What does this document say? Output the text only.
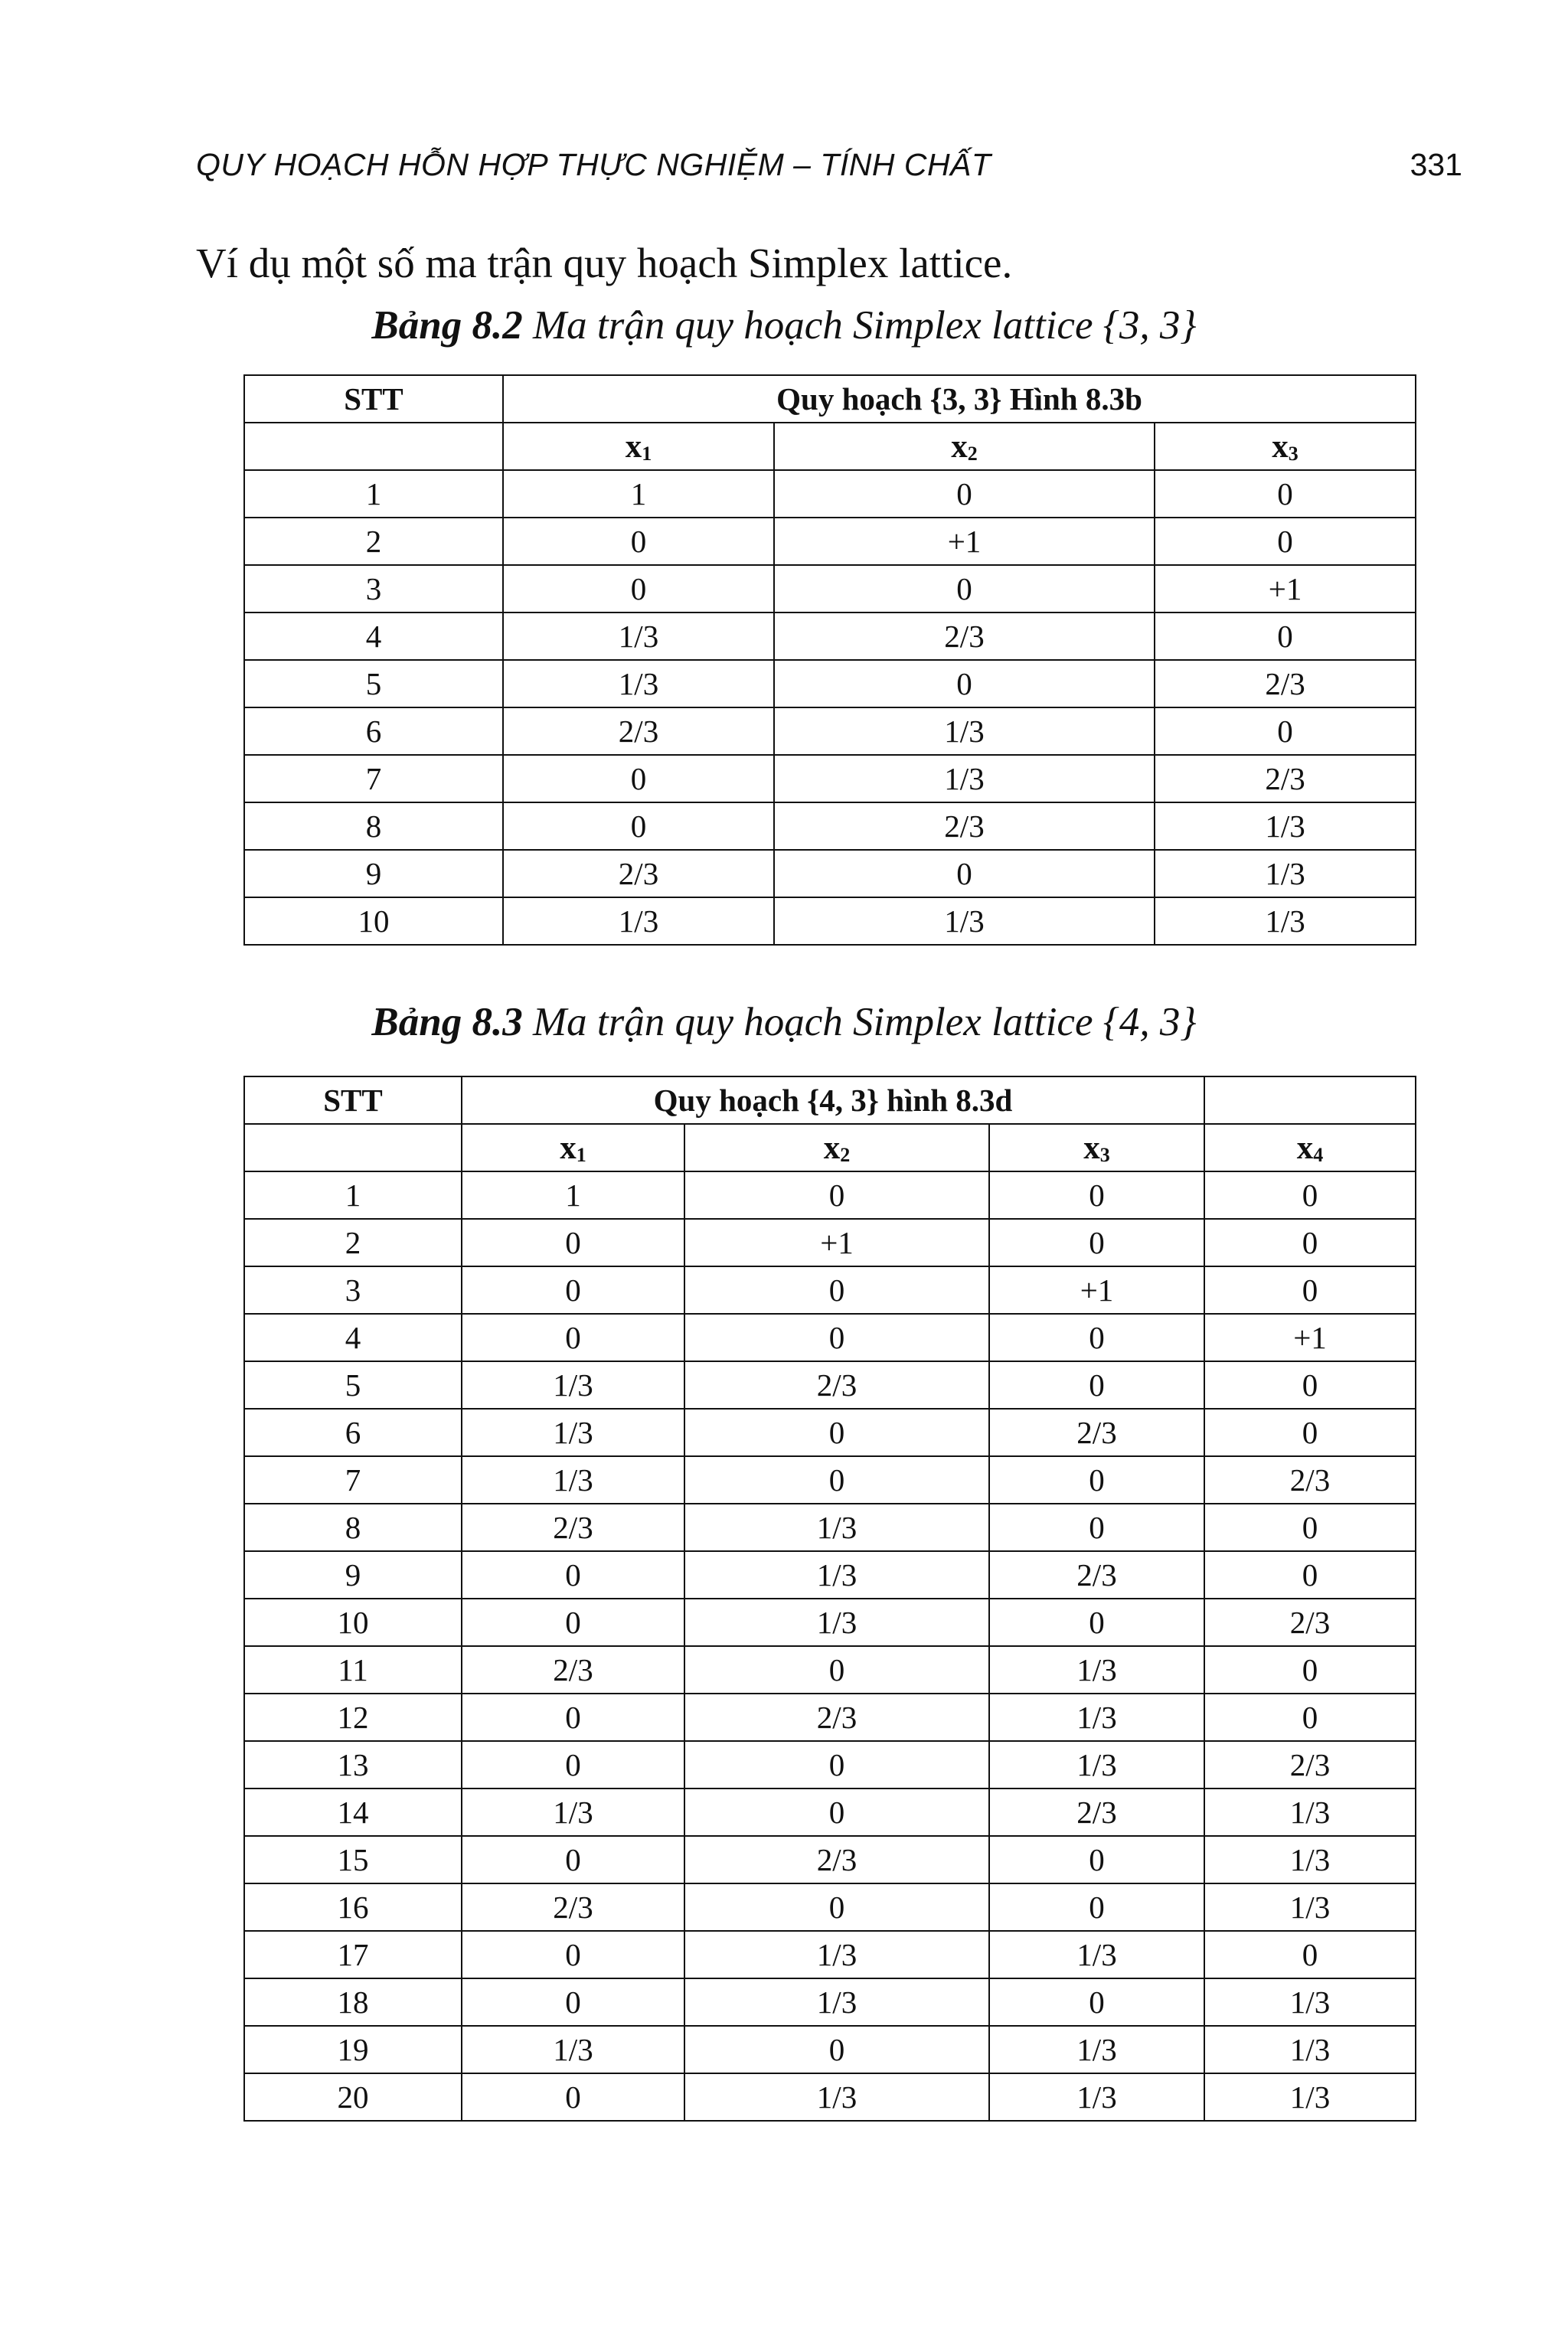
QUY HOẠCH HỖN HỢP THỰC NGHIỆM – TÍNH CHẤT	331
Ví dụ một số ma trận quy hoạch Simplex lattice.
Bảng 8.2 Ma trận quy hoạch Simplex lattice {3, 3}
STT	Quy hoạch {3, 3} Hình 8.3b		
	$x_1$	$x_2$	$x_3$
1	1	0	0
2	0	+1	0
3	0	0	+1
4	1/3	2/3	0
5	1/3	0	2/3
6	2/3	1/3	0
7	0	1/3	2/3
8	0	2/3	1/3
9	2/3	0	1/3
10	1/3	1/3	1/3
Bảng 8.3 Ma trận quy hoạch Simplex lattice {4, 3}
STT	Quy hoạch {4, 3} hình 8.3d			
	$x_1$	$x_2$	$x_3$	$x_4$
1	1	0	0	0
2	0	+1	0	0
3	0	0	+1	0
4	0	0	0	+1
5	1/3	2/3	0	0
6	1/3	0	2/3	0
7	1/3	0	0	2/3
8	2/3	1/3	0	0
9	0	1/3	2/3	0
10	0	1/3	0	2/3
11	2/3	0	1/3	0
12	0	2/3	1/3	0
13	0	0	1/3	2/3
14	1/3	0	2/3	1/3
15	0	2/3	0	1/3
16	2/3	0	0	1/3
17	0	1/3	1/3	0
18	0	1/3	0	1/3
19	1/3	0	1/3	1/3
20	0	1/3	1/3	1/3
